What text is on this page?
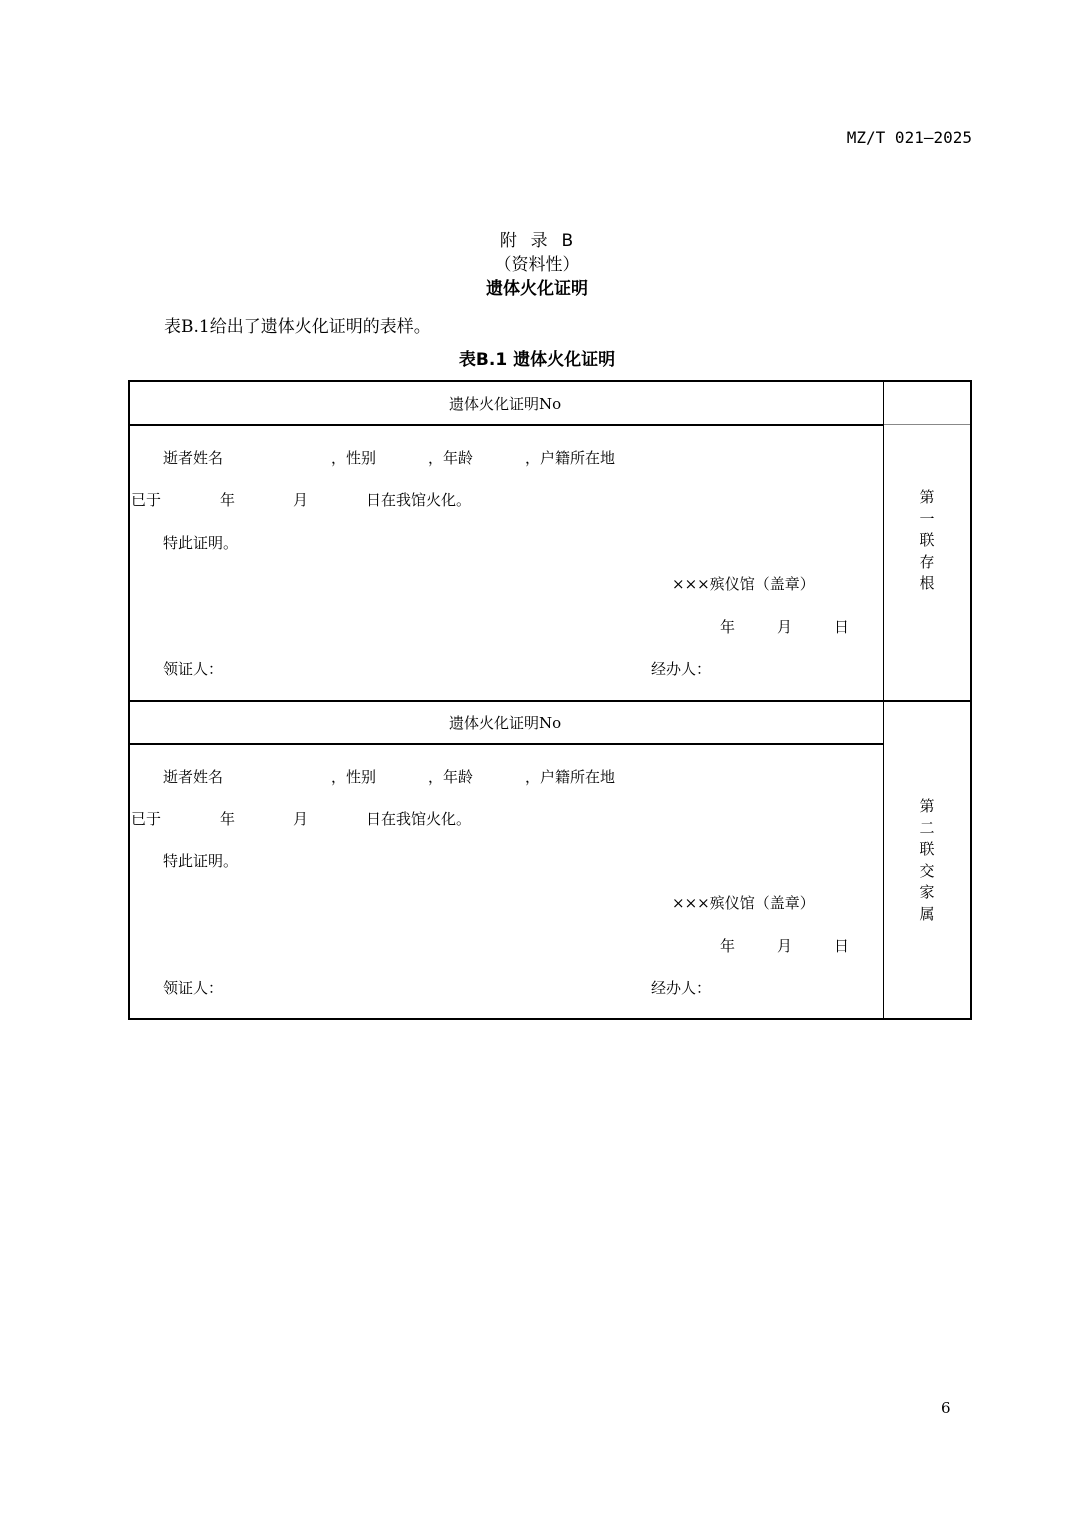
MZ/T 021—2025
附  录  B
（资料性）
遗体火化证明
表B.1给出了遗体火化证明的表样。
表B.1 遗体火化证明
遗体火化证明No
逝者姓名	，性别	，年龄	，户籍所在地
已于	年	月	日在我馆火化。
特此证明。
×××殡仪馆（盖章）
年	月	日
领证人：	经办人：
第
一
联
存
根
遗体火化证明No
逝者姓名	，性别	，年龄	，户籍所在地
已于	年	月	日在我馆火化。
特此证明。
×××殡仪馆（盖章）
年	月	日
领证人：	经办人：
第
二
联
交
家
属
6
